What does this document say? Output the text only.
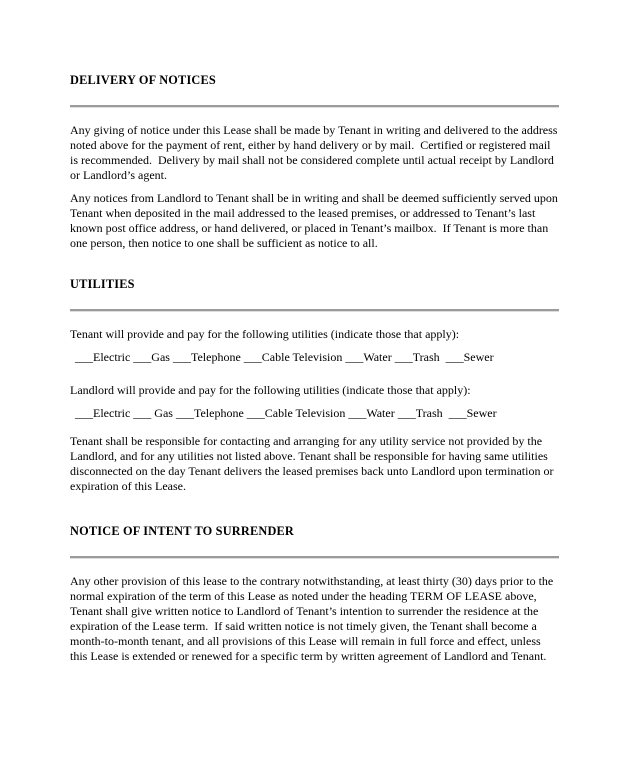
DELIVERY OF NOTICES

Any giving of notice under this Lease shall be made by Tenant in writing and delivered to the address noted above for the payment of rent, either by hand delivery or by mail.  Certified or registered mail is recommended.  Delivery by mail shall not be considered complete until actual receipt by Landlord or Landlord’s agent.

Any notices from Landlord to Tenant shall be in writing and shall be deemed sufficiently served upon Tenant when deposited in the mail addressed to the leased premises, or addressed to Tenant’s last known post office address, or hand delivered, or placed in Tenant’s mailbox.  If Tenant is more than one person, then notice to one shall be sufficient as notice to all.

UTILITIES

Tenant will provide and pay for the following utilities (indicate those that apply):

___Electric ___Gas ___Telephone ___Cable Television ___Water ___Trash  ___Sewer

Landlord will provide and pay for the following utilities (indicate those that apply):

___Electric ___ Gas ___Telephone ___Cable Television ___Water ___Trash  ___Sewer

Tenant shall be responsible for contacting and arranging for any utility service not provided by the Landlord, and for any utilities not listed above. Tenant shall be responsible for having same utilities disconnected on the day Tenant delivers the leased premises back unto Landlord upon termination or expiration of this Lease.

NOTICE OF INTENT TO SURRENDER

Any other provision of this lease to the contrary notwithstanding, at least thirty (30) days prior to the normal expiration of the term of this Lease as noted under the heading TERM OF LEASE above, Tenant shall give written notice to Landlord of Tenant’s intention to surrender the residence at the expiration of the Lease term.  If said written notice is not timely given, the Tenant shall become a month-to-month tenant, and all provisions of this Lease will remain in full force and effect, unless this Lease is extended or renewed for a specific term by written agreement of Landlord and Tenant.
